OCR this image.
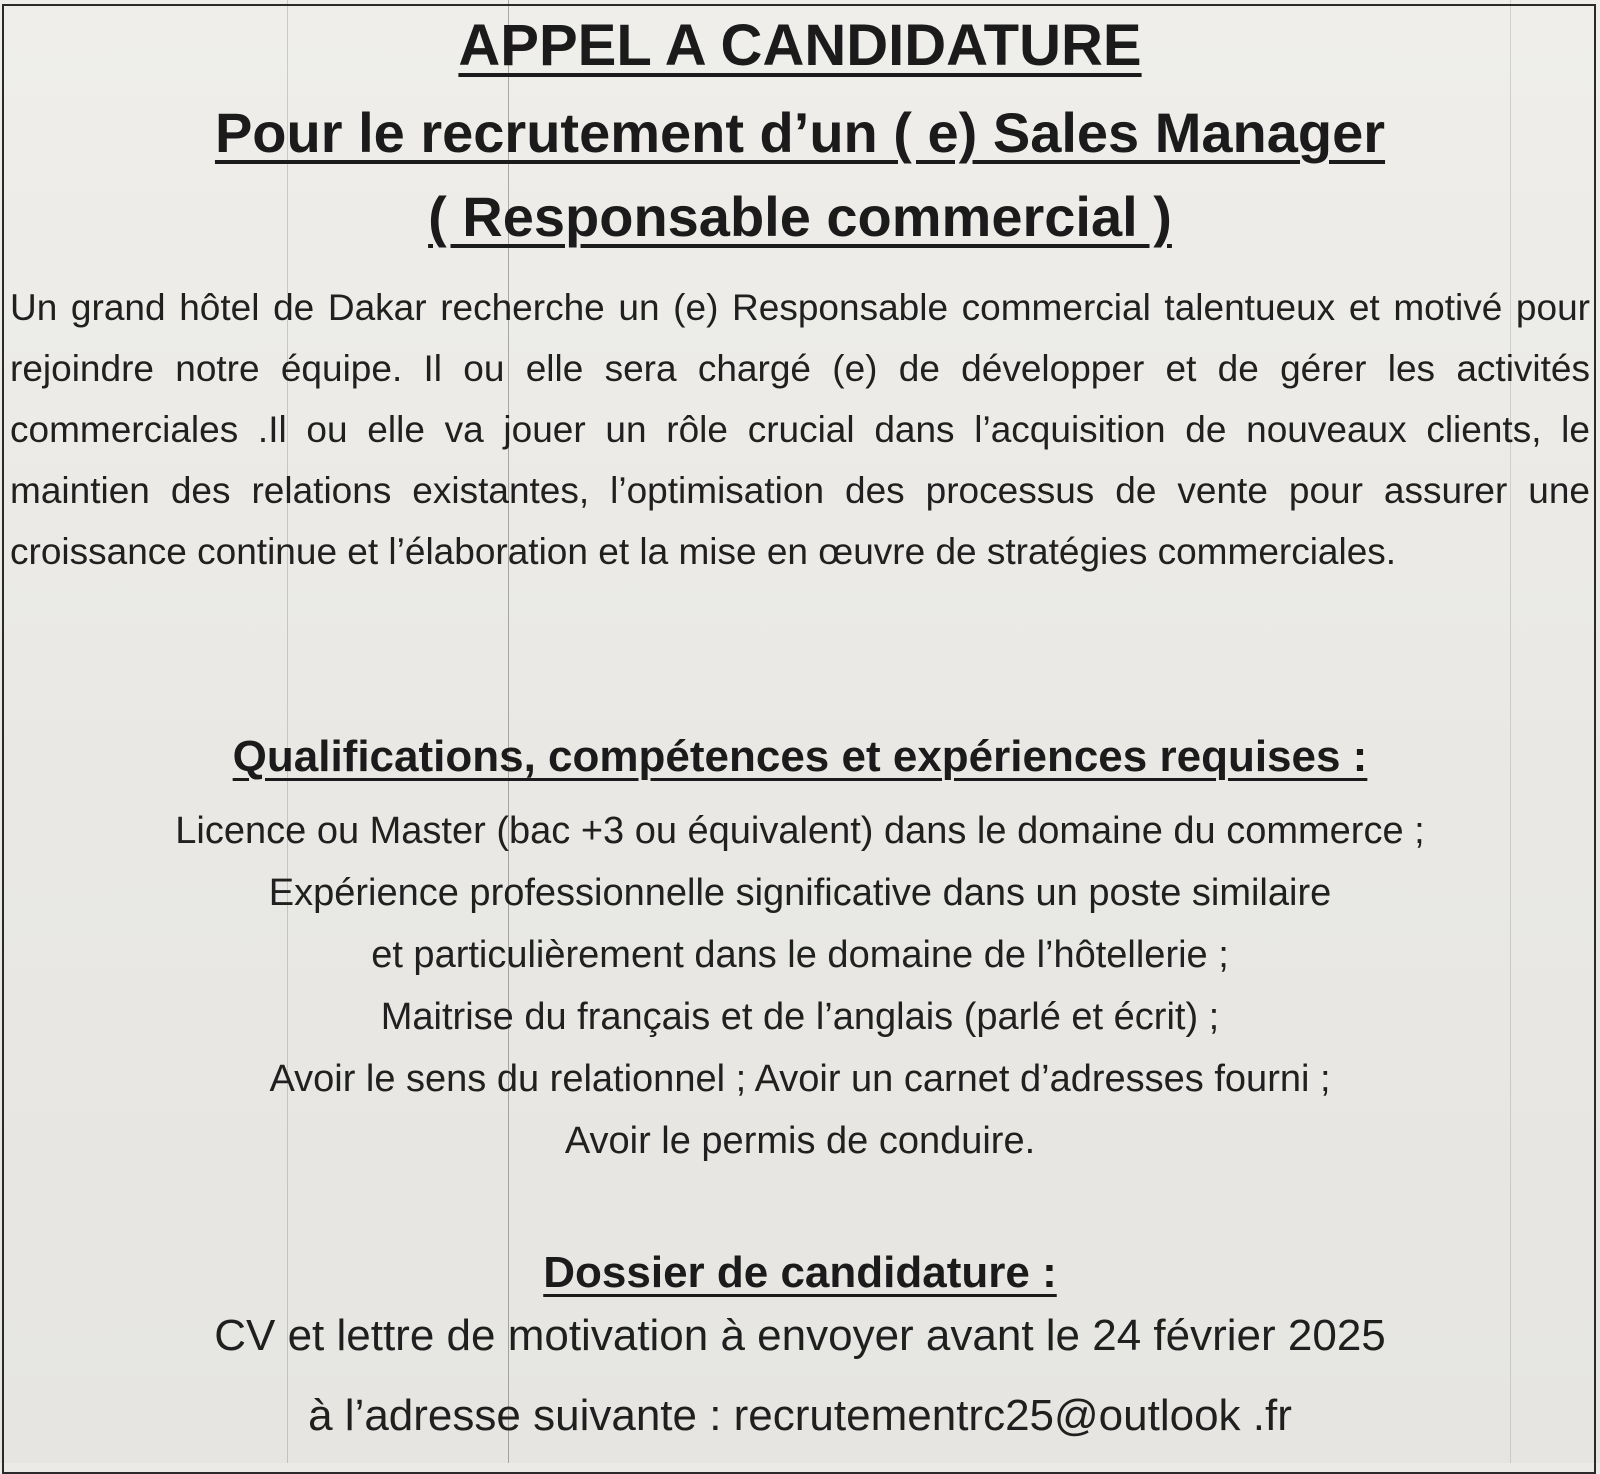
APPEL A CANDIDATURE
Pour le recrutement d’un ( e) Sales Manager
( Responsable commercial )

Un grand hôtel de Dakar recherche un (e) Responsable commercial talentueux et motivé pour rejoindre notre équipe. Il ou elle sera chargé (e) de développer et de gérer les activités commerciales .Il ou elle va jouer un rôle crucial dans l’acquisition de nouveaux clients, le maintien des relations existantes, l’optimisation des processus de vente pour assurer une croissance continue et l’élaboration et la mise en œuvre de stratégies commerciales.

Qualifications, compétences et expériences requises :
Licence ou Master (bac +3 ou équivalent) dans le domaine du commerce ;
Expérience professionnelle significative dans un poste similaire
et particulièrement dans le domaine de l’hôtellerie ;
Maitrise du français et de l’anglais (parlé et écrit) ;
Avoir le sens du relationnel ; Avoir un carnet d’adresses fourni ;
Avoir le permis de conduire.
Dossier de candidature :
CV et lettre de motivation à envoyer avant le 24 février 2025
à l’adresse suivante : recrutementrc25@outlook .fr
